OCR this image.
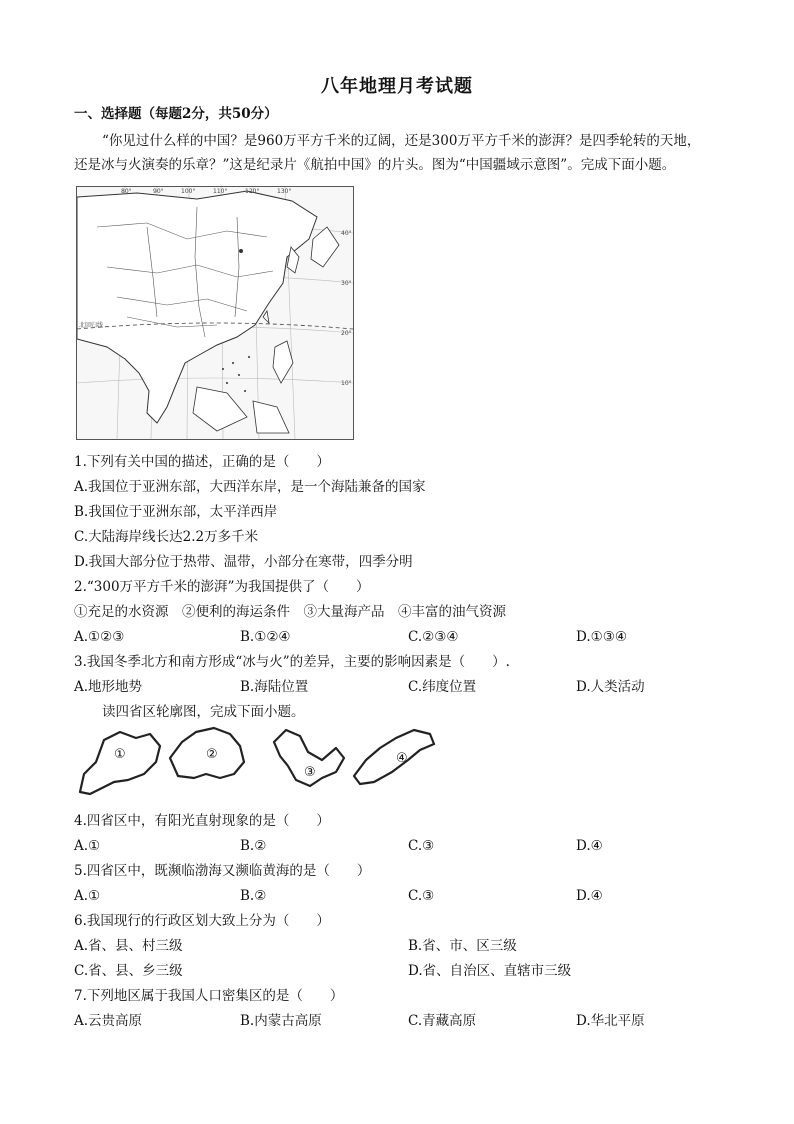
八年地理月考试题
一、选择题（每题2分，共50分）
“你见过什么样的中国？是960万平方千米的辽阔，还是300万平方千米的澎湃？是四季轮转的天地，
还是冰与火演奏的乐章？”这是纪录片《航拍中国》的片头。图为“中国疆域示意图”。完成下面小题。
80°	90°	100°	110°	120°	130°
40°
30°
20°
10°
北回归线
1.下列有关中国的描述，正确的是（　　）
A.我国位于亚洲东部，大西洋东岸，是一个海陆兼备的国家
B.我国位于亚洲东部，太平洋西岸
C.大陆海岸线长达2.2万多千米
D.我国大部分位于热带、温带，小部分在寒带，四季分明
2.“300万平方千米的澎湃”为我国提供了（　　）
①充足的水资源　②便利的海运条件　③大量海产品　④丰富的油气资源
A.①②③	B.①②④	C.②③④	D.①③④
3.我国冬季北方和南方形成“冰与火”的差异，主要的影响因素是（　　）.
A.地形地势	B.海陆位置	C.纬度位置	D.人类活动
读四省区轮廓图，完成下面小题。
①	②
③
④
4.四省区中，有阳光直射现象的是（　　）
A.①	B.②	C.③	D.④
5.四省区中，既濒临渤海又濒临黄海的是（　　）
A.①	B.②	C.③	D.④
6.我国现行的行政区划大致上分为（　　）
A.省、县、村三级	B.省、市、区三级
C.省、县、乡三级	D.省、自治区、直辖市三级
7.下列地区属于我国人口密集区的是（　　）
A.云贵高原	B.内蒙古高原	C.青藏高原	D.华北平原
